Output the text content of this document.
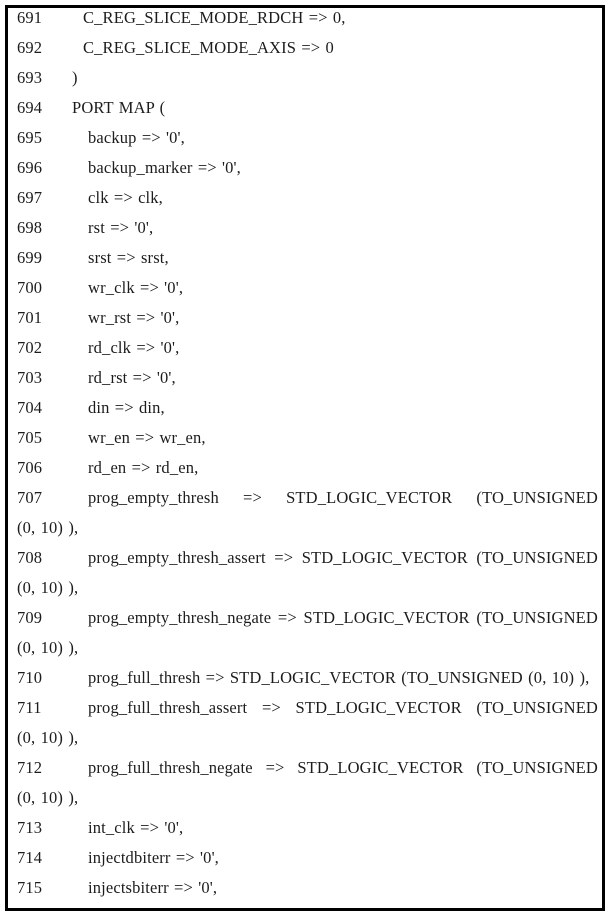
691 C_REG_SLICE_MODE_RDCH => 0,
692 C_REG_SLICE_MODE_AXIS => 0
693 )
694 PORT MAP (
695	backup => '0',
696	backup_marker => '0',
697	clk => clk,
698	rst => '0',
699	srst => srst,
700	wr_clk => '0',
701	wr_rst => '0',
702	rd_clk => '0',
703	rd_rst => '0',
704	din => din,
705	wr_en => wr_en,
706	rd_en => rd_en,
707	prog_empty_thresh => STD_LOGIC_VECTOR (TO_UNSIGNED
(0, 10) ),
708	prog_empty_thresh_assert => STD_LOGIC_VECTOR (TO_UNSIGNED
(0, 10) ),
709	prog_empty_thresh_negate => STD_LOGIC_VECTOR (TO_UNSIGNED
(0, 10) ),
710	prog_full_thresh => STD_LOGIC_VECTOR (TO_UNSIGNED (0, 10) ),
711	prog_full_thresh_assert => STD_LOGIC_VECTOR (TO_UNSIGNED
(0, 10) ),
712	prog_full_thresh_negate => STD_LOGIC_VECTOR (TO_UNSIGNED
(0, 10) ),
713	int_clk => '0',
714	injectdbiterr => '0',
715	injectsbiterr => '0',
